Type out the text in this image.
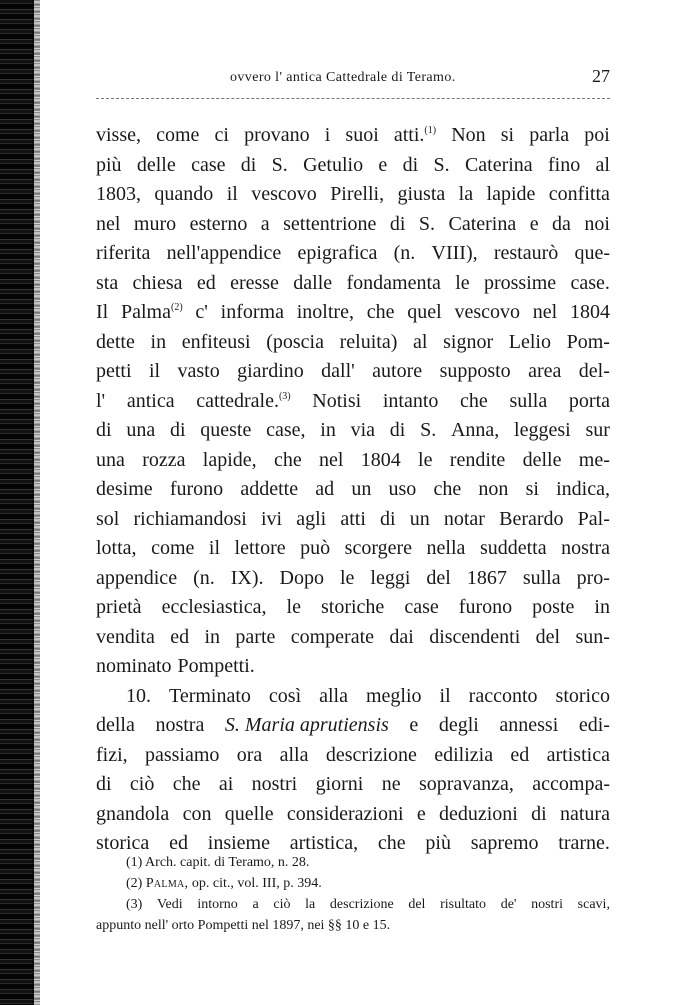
ovvero l' antica Cattedrale di Teramo.	27
visse, come ci provano i suoi atti.$^{(1)}$ Non si parla poi
più delle case di S. Getulio e di S. Caterina fino al
1803, quando il vescovo Pirelli, giusta la lapide confitta
nel muro esterno a settentrione di S. Caterina e da noi
riferita nell'appendice epigrafica (n. VIII), restaurò que-
sta chiesa ed eresse dalle fondamenta le prossime case.
Il Palma$^{(2)}$ c' informa inoltre, che quel vescovo nel 1804
dette in enfiteusi (poscia reluita) al signor Lelio Pom-
petti il vasto giardino dall' autore supposto area del-
l' antica cattedrale.$^{(3)}$ Notisi intanto che sulla porta
di una di queste case, in via di S. Anna, leggesi sur
una rozza lapide, che nel 1804 le rendite delle me-
desime furono addette ad un uso che non si indica,
sol richiamandosi ivi agli atti di un notar Berardo Pal-
lotta, come il lettore può scorgere nella suddetta nostra
appendice (n. IX). Dopo le leggi del 1867 sulla pro-
prietà ecclesiastica, le storiche case furono poste in
vendita ed in parte comperate dai discendenti del sun-
nominato Pompetti.
10. Terminato così alla meglio il racconto storico
della nostra S. Maria aprutiensis e degli annessi edi-
fizi, passiamo ora alla descrizione edilizia ed artistica
di ciò che ai nostri giorni ne sopravanza, accompa-
gnandola con quelle considerazioni e deduzioni di natura
storica ed insieme artistica, che più sapremo trarne.
(1) Arch. capit. di Teramo, n. 28.
(2) Palma, op. cit., vol. III, p. 394.
(3) Vedi intorno a ciò la descrizione del risultato de' nostri scavi,
appunto nell' orto Pompetti nel 1897, nei §§ 10 e 15.
